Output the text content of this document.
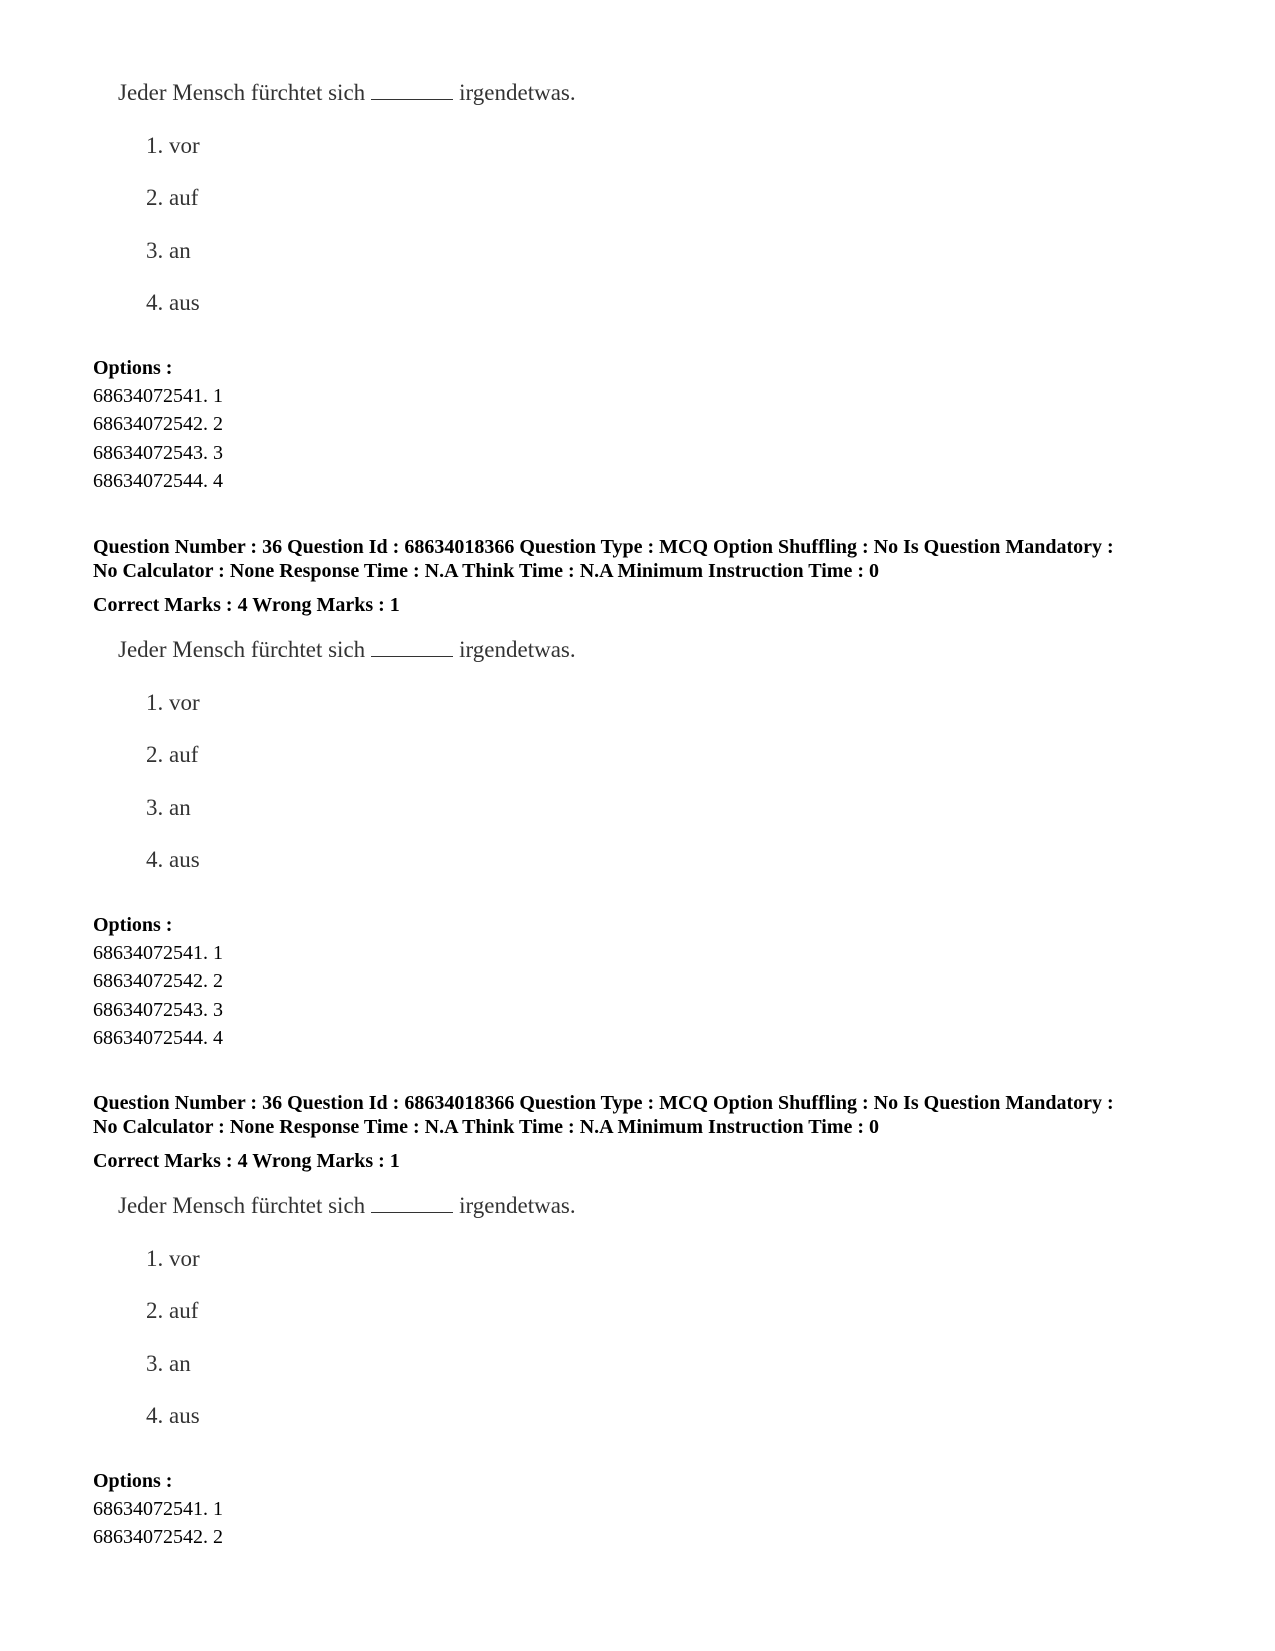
Jeder Mensch fürchtet sich	irgendetwas.
1. vor
2. auf
3. an
4. aus
Options :
68634072541. 1
68634072542. 2
68634072543. 3
68634072544. 4
Question Number : 36 Question Id : 68634018366 Question Type : MCQ Option Shuffling : No Is Question Mandatory :
No Calculator : None Response Time : N.A Think Time : N.A Minimum Instruction Time : 0
Correct Marks : 4 Wrong Marks : 1
Jeder Mensch fürchtet sich	irgendetwas.
1. vor
2. auf
3. an
4. aus
Options :
68634072541. 1
68634072542. 2
68634072543. 3
68634072544. 4
Question Number : 36 Question Id : 68634018366 Question Type : MCQ Option Shuffling : No Is Question Mandatory :
No Calculator : None Response Time : N.A Think Time : N.A Minimum Instruction Time : 0
Correct Marks : 4 Wrong Marks : 1
Jeder Mensch fürchtet sich	irgendetwas.
1. vor
2. auf
3. an
4. aus
Options :
68634072541. 1
68634072542. 2
